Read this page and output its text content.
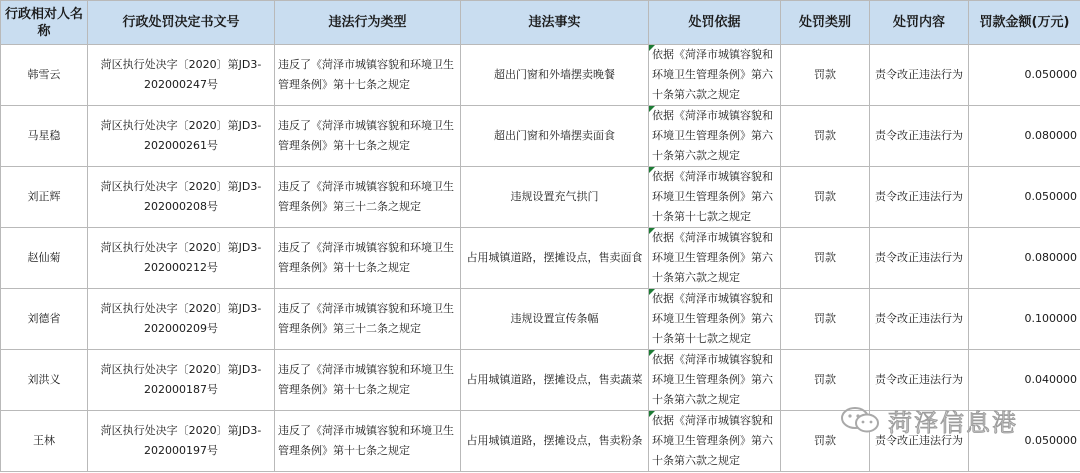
行政相对人名称	行政处罚决定书文号	违法行为类型	违法事实	处罚依据	处罚类别	处罚内容	罚款金额(万元)
韩雪云	菏区执行处决字〔2020〕第JD3-202000247号	违反了《菏泽市城镇容貌和环境卫生管理条例》第十七条之规定	超出门窗和外墙摆卖晚餐	依据《菏泽市城镇容貌和环境卫生管理条例》第六十条第六款之规定	罚款	责令改正违法行为	0.050000
马星稳	菏区执行处决字〔2020〕第JD3-202000261号	违反了《菏泽市城镇容貌和环境卫生管理条例》第十七条之规定	超出门窗和外墙摆卖面食	依据《菏泽市城镇容貌和环境卫生管理条例》第六十条第六款之规定	罚款	责令改正违法行为	0.080000
刘正辉	菏区执行处决字〔2020〕第JD3-202000208号	违反了《菏泽市城镇容貌和环境卫生管理条例》第三十二条之规定	违规设置充气拱门	依据《菏泽市城镇容貌和环境卫生管理条例》第六十条第十七款之规定	罚款	责令改正违法行为	0.050000
赵仙菊	菏区执行处决字〔2020〕第JD3-202000212号	违反了《菏泽市城镇容貌和环境卫生管理条例》第十七条之规定	占用城镇道路，摆摊设点，售卖面食	依据《菏泽市城镇容貌和环境卫生管理条例》第六十条第六款之规定	罚款	责令改正违法行为	0.080000
刘德省	菏区执行处决字〔2020〕第JD3-202000209号	违反了《菏泽市城镇容貌和环境卫生管理条例》第三十二条之规定	违规设置宣传条幅	依据《菏泽市城镇容貌和环境卫生管理条例》第六十条第十七款之规定	罚款	责令改正违法行为	0.100000
刘洪义	菏区执行处决字〔2020〕第JD3-202000187号	违反了《菏泽市城镇容貌和环境卫生管理条例》第十七条之规定	占用城镇道路，摆摊设点，售卖蔬菜	依据《菏泽市城镇容貌和环境卫生管理条例》第六十条第六款之规定	罚款	责令改正违法行为	0.040000
王林	菏区执行处决字〔2020〕第JD3-202000197号	违反了《菏泽市城镇容貌和环境卫生管理条例》第十七条之规定	占用城镇道路，摆摊设点，售卖粉条	依据《菏泽市城镇容貌和环境卫生管理条例》第六十条第六款之规定	罚款	责令改正违法行为	0.050000
菏泽信息港
